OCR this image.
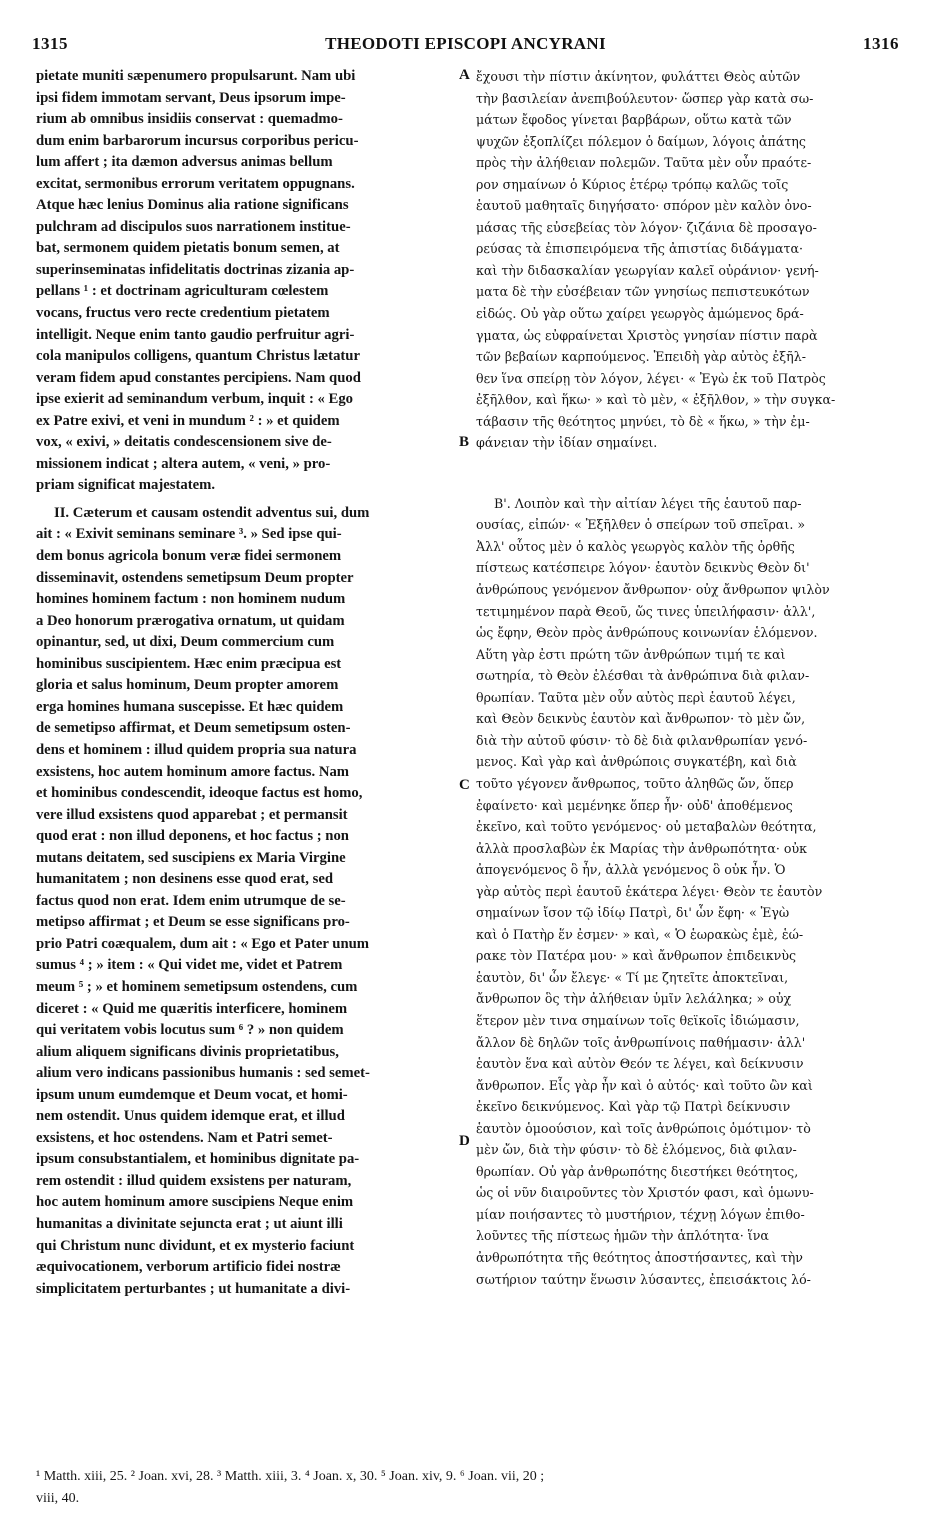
1315	THEODOTI EPISCOPI ANCYRANI	1316
pietate muniti sæpenumero propulsarunt. Nam ubi
ipsi fidem immotam servant, Deus ipsorum impe-
rium ab omnibus insidiis conservat : quemadmo-
dum enim barbarorum incursus corporibus pericu-
lum affert ; ita dæmon adversus animas bellum
excitat, sermonibus errorum veritatem oppugnans.
Atque hæc lenius Dominus alia ratione significans
pulchram ad discipulos suos narrationem institue-
bat, sermonem quidem pietatis bonum semen, at
superinseminatas infidelitatis doctrinas zizania ap-
pellans ¹ : et doctrinam agriculturam cœlestem
vocans, fructus vero recte credentium pietatem
intelligit. Neque enim tanto gaudio perfruitur agri-
cola manipulos colligens, quantum Christus lætatur
veram fidem apud constantes percipiens. Nam quod
ipse exierit ad seminandum verbum, inquit : « Ego
ex Patre exivi, et veni in mundum ² : » et quidem
vox, « exivi, » deitatis condescensionem sive de-
missionem indicat ; altera autem, « veni, » pro-
priam significat majestatem.
II. Cæterum et causam ostendit adventus sui, dum
ait : « Exivit seminans seminare ³. » Sed ipse qui-
dem bonus agricola bonum veræ fidei sermonem
disseminavit, ostendens semetipsum Deum propter
homines hominem factum : non hominem nudum
a Deo honorum prærogativa ornatum, ut quidam
opinantur, sed, ut dixi, Deum commercium cum
hominibus suscipientem. Hæc enim præcipua est
gloria et salus hominum, Deum propter amorem
erga homines humana suscepisse. Et hæc quidem
de semetipso affirmat, et Deum semetipsum osten-
dens et hominem : illud quidem propria sua natura
exsistens, hoc autem hominum amore factus. Nam
et hominibus condescendit, ideoque factus est homo,
vere illud exsistens quod apparebat ; et permansit
quod erat : non illud deponens, et hoc factus ; non
mutans deitatem, sed suscipiens ex Maria Virgine
humanitatem ; non desinens esse quod erat, sed
factus quod non erat. Idem enim utrumque de se-
metipso affirmat ; et Deum se esse significans pro-
prio Patri coæqualem, dum ait : « Ego et Pater unum
sumus ⁴ ; » item : « Qui videt me, videt et Patrem
meum ⁵ ; » et hominem semetipsum ostendens, cum
diceret : « Quid me quæritis interficere, hominem
qui veritatem vobis locutus sum ⁶ ? » non quidem
alium aliquem significans divinis proprietatibus,
alium vero indicans passionibus humanis : sed semet-
ipsum unum eumdemque et Deum vocat, et homi-
nem ostendit. Unus quidem idemque erat, et illud
exsistens, et hoc ostendens. Nam et Patri semet-
ipsum consubstantialem, et hominibus dignitate pa-
rem ostendit : illud quidem exsistens per naturam,
hoc autem hominum amore suscipiens Neque enim
humanitas a divinitate sejuncta erat ; ut aiunt illi
qui Christum nunc dividunt, et ex mysterio faciunt
æquivocationem, verborum artificio fidei nostræ
simplicitatem perturbantes ; ut humanitate a divi-
ἔχουσι τὴν πίστιν ἀκίνητον, φυλάττει Θεὸς αὐτῶν
τὴν βασιλείαν ἀνεπιβούλευτον· ὥσπερ γὰρ κατὰ σω-
μάτων ἔφοδος γίνεται βαρβάρων, οὕτω κατὰ τῶν
ψυχῶν ἐξοπλίζει πόλεμον ὁ δαίμων, λόγοις ἀπάτης
πρὸς τὴν ἀλήθειαν πολεμῶν. Ταῦτα μὲν οὖν πραότε-
ρον σημαίνων ὁ Κύριος ἑτέρῳ τρόπῳ καλῶς τοῖς
ἑαυτοῦ μαθηταῖς διηγήσατο· σπόρον μὲν καλὸν ὀνο-
μάσας τῆς εὐσεβείας τὸν λόγον· ζιζάνια δὲ προσαγο-
ρεύσας τὰ ἐπισπειρόμενα τῆς ἀπιστίας διδάγματα·
καὶ τὴν διδασκαλίαν γεωργίαν καλεῖ οὐράνιον· γενή-
ματα δὲ τὴν εὐσέβειαν τῶν γνησίως πεπιστευκότων
εἰδώς. Οὐ γὰρ οὕτω χαίρει γεωργὸς ἀμώμενος δρά-
γματα, ὡς εὐφραίνεται Χριστὸς γνησίαν πίστιν παρὰ
τῶν βεβαίων καρπούμενος. Ἐπειδὴ γὰρ αὐτὸς ἐξῆλ-
θεν ἵνα σπείρῃ τὸν λόγον, λέγει· « Ἐγὼ ἐκ τοῦ Πατρὸς
ἐξῆλθον, καὶ ἥκω· » καὶ τὸ μὲν, « ἐξῆλθον, » τὴν συγκα-
τάβασιν τῆς θεότητος μηνύει, τὸ δὲ « ἥκω, » τὴν ἐμ-
φάνειαν τὴν ἰδίαν σημαίνει.
Β'. Λοιπὸν καὶ τὴν αἰτίαν λέγει τῆς ἑαυτοῦ παρ-
ουσίας, εἰπών· « Ἐξῆλθεν ὁ σπείρων τοῦ σπεῖραι. »
Ἀλλ' οὗτος μὲν ὁ καλὸς γεωργὸς καλὸν τῆς ὀρθῆς
πίστεως κατέσπειρε λόγον· ἑαυτὸν δεικνὺς Θεὸν δι'
ἀνθρώπους γενόμενον ἄνθρωπον· οὐχ ἄνθρωπον ψιλὸν
τετιμημένον παρὰ Θεοῦ, ὥς τινες ὑπειλήφασιν· ἀλλ',
ὡς ἔφην, Θεὸν πρὸς ἀνθρώπους κοινωνίαν ἑλόμενον.
Αὕτη γὰρ ἐστι πρώτη τῶν ἀνθρώπων τιμή τε καὶ
σωτηρία, τὸ Θεὸν ἑλέσθαι τὰ ἀνθρώπινα διὰ φιλαν-
θρωπίαν. Ταῦτα μὲν οὖν αὐτὸς περὶ ἑαυτοῦ λέγει,
καὶ Θεὸν δεικνὺς ἑαυτὸν καὶ ἄνθρωπον· τὸ μὲν ὤν,
διὰ τὴν αὐτοῦ φύσιν· τὸ δὲ διὰ φιλανθρωπίαν γενό-
μενος. Καὶ γὰρ καὶ ἀνθρώποις συγκατέβη, καὶ διὰ
τοῦτο γέγονεν ἄνθρωπος, τοῦτο ἀληθῶς ὤν, ὅπερ
ἐφαίνετο· καὶ μεμένηκε ὅπερ ἦν· οὐδ' ἀποθέμενος
ἐκεῖνο, καὶ τοῦτο γενόμενος· οὐ μεταβαλὼν θεότητα,
ἀλλὰ προσλαβὼν ἐκ Μαρίας τὴν ἀνθρωπότητα· οὐκ
ἀπογενόμενος ὃ ἦν, ἀλλὰ γενόμενος ὃ οὐκ ἦν. Ὁ
γὰρ αὐτὸς περὶ ἑαυτοῦ ἑκάτερα λέγει· Θεὸν τε ἑαυτὸν
σημαίνων ἴσον τῷ ἰδίῳ Πατρὶ, δι' ὧν ἔφη· « Ἐγὼ
καὶ ὁ Πατὴρ ἕν ἐσμεν· » καὶ, « Ὁ ἑωρακὼς ἐμὲ, ἑώ-
ρακε τὸν Πατέρα μου· » καὶ ἄνθρωπον ἐπιδεικνὺς
ἑαυτὸν, δι' ὧν ἔλεγε· « Τί με ζητεῖτε ἀποκτεῖναι,
ἄνθρωπον ὃς τὴν ἀλήθειαν ὑμῖν λελάληκα; » οὐχ
ἕτερον μὲν τινα σημαίνων τοῖς θεϊκοῖς ἰδιώμασιν,
ἄλλον δὲ δηλῶν τοῖς ἀνθρωπίνοις παθήμασιν· ἀλλ'
ἑαυτὸν ἕνα καὶ αὐτὸν Θεόν τε λέγει, καὶ δείκνυσιν
ἄνθρωπον. Εἷς γὰρ ἦν καὶ ὁ αὐτός· καὶ τοῦτο ὢν καὶ
ἐκεῖνο δεικνύμενος. Καὶ γὰρ τῷ Πατρὶ δείκνυσιν
ἑαυτὸν ὁμοούσιον, καὶ τοῖς ἀνθρώποις ὁμότιμον· τὸ
μὲν ὤν, διὰ τὴν φύσιν· τὸ δὲ ἑλόμενος, διὰ φιλαν-
θρωπίαν. Οὐ γὰρ ἀνθρωπότης διεστήκει θεότητος,
ὡς οἱ νῦν διαιροῦντες τὸν Χριστόν φασι, καὶ ὁμωνυ-
μίαν ποιήσαντες τὸ μυστήριον, τέχνῃ λόγων ἐπιθο-
λοῦντες τῆς πίστεως ἡμῶν τὴν ἁπλότητα· ἵνα
ἀνθρωπότητα τῆς θεότητος ἀποστήσαντες, καὶ τὴν
σωτήριον ταύτην ἕνωσιν λύσαντες, ἐπεισάκτοις λό-
A
B
C
D
¹ Matth. xiii, 25. ² Joan. xvi, 28. ³ Matth. xiii, 3. ⁴ Joan. x, 30. ⁵ Joan. xiv, 9. ⁶ Joan. vii, 20 ;
viii, 40.
